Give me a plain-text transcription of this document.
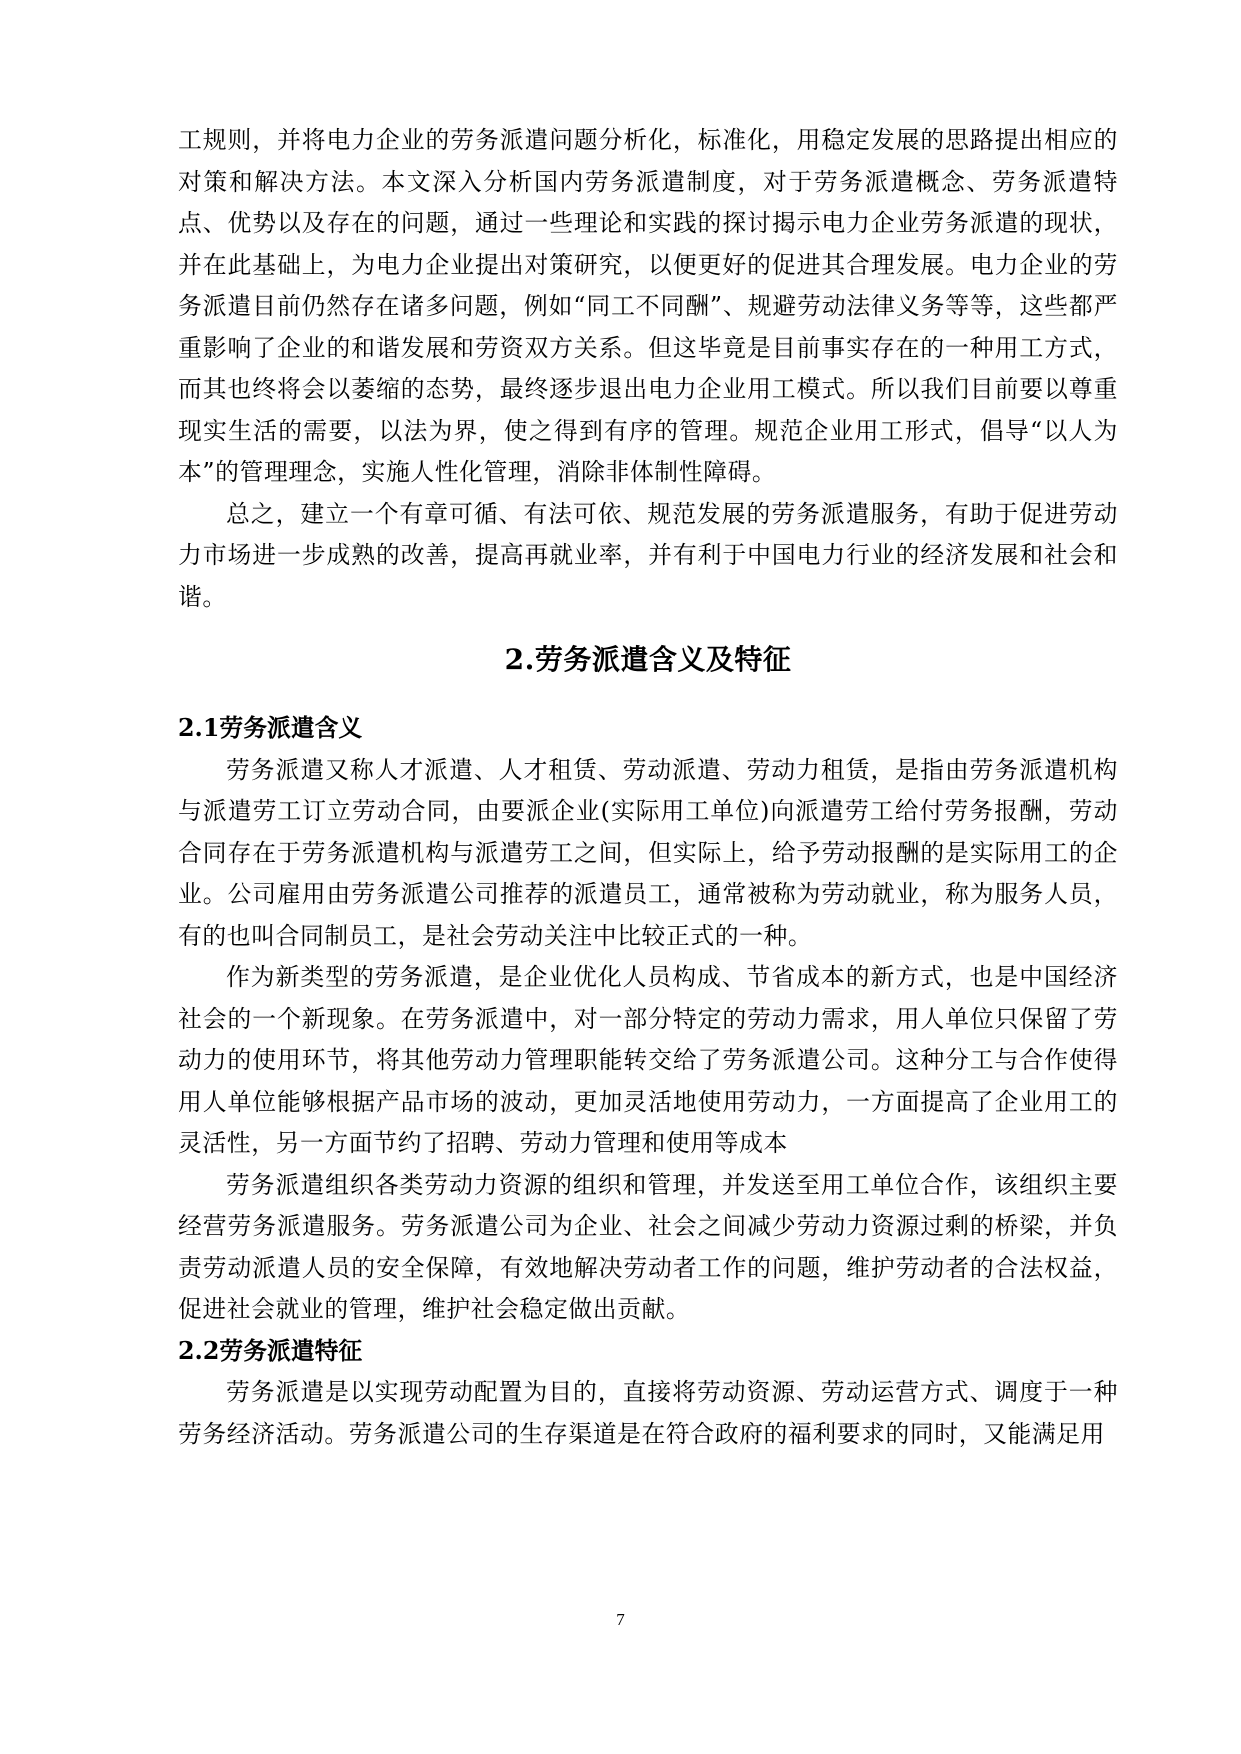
工规则，并将电力企业的劳务派遣问题分析化，标准化，用稳定发展的思路提出相应的对策和解决方法。本文深入分析国内劳务派遣制度，对于劳务派遣概念、劳务派遣特点、优势以及存在的问题，通过一些理论和实践的探讨揭示电力企业劳务派遣的现状，并在此基础上，为电力企业提出对策研究，以便更好的促进其合理发展。电力企业的劳务派遣目前仍然存在诸多问题，例如“同工不同酬”、规避劳动法律义务等等，这些都严重影响了企业的和谐发展和劳资双方关系。但这毕竟是目前事实存在的一种用工方式，而其也终将会以萎缩的态势，最终逐步退出电力企业用工模式。所以我们目前要以尊重现实生活的需要，以法为界，使之得到有序的管理。规范企业用工形式，倡导“以人为本”的管理理念，实施人性化管理，消除非体制性障碍。

总之，建立一个有章可循、有法可依、规范发展的劳务派遣服务，有助于促进劳动力市场进一步成熟的改善，提高再就业率，并有利于中国电力行业的经济发展和社会和谐。

2.劳务派遣含义及特征
2.1劳务派遣含义

劳务派遣又称人才派遣、人才租赁、劳动派遣、劳动力租赁，是指由劳务派遣机构与派遣劳工订立劳动合同，由要派企业(实际用工单位)向派遣劳工给付劳务报酬，劳动合同存在于劳务派遣机构与派遣劳工之间，但实际上，给予劳动报酬的是实际用工的企业。公司雇用由劳务派遣公司推荐的派遣员工，通常被称为劳动就业，称为服务人员，有的也叫合同制员工，是社会劳动关注中比较正式的一种。

作为新类型的劳务派遣，是企业优化人员构成、节省成本的新方式，也是中国经济社会的一个新现象。在劳务派遣中，对一部分特定的劳动力需求，用人单位只保留了劳动力的使用环节，将其他劳动力管理职能转交给了劳务派遣公司。这种分工与合作使得用人单位能够根据产品市场的波动，更加灵活地使用劳动力，一方面提高了企业用工的灵活性，另一方面节约了招聘、劳动力管理和使用等成本

劳务派遣组织各类劳动力资源的组织和管理，并发送至用工单位合作，该组织主要经营劳务派遣服务。劳务派遣公司为企业、社会之间减少劳动力资源过剩的桥梁，并负责劳动派遣人员的安全保障，有效地解决劳动者工作的问题，维护劳动者的合法权益，促进社会就业的管理，维护社会稳定做出贡献。

2.2劳务派遣特征

劳务派遣是以实现劳动配置为目的，直接将劳动资源、劳动运营方式、调度于一种劳务经济活动。劳务派遣公司的生存渠道是在符合政府的福利要求的同时，又能满足用

7
